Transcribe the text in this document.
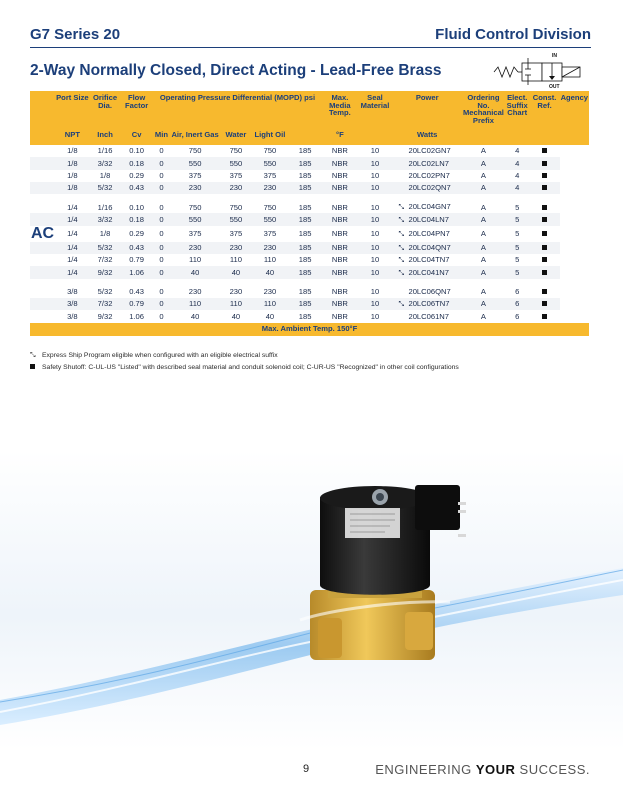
G7 Series 20	Fluid Control Division
2-Way Normally Closed, Direct Acting - Lead-Free Brass
IN
OUT
	Port Size	Orifice Dia.	Flow Factor	Operating Pressure Differential (MOPD) psi					Max. Media Temp.	Seal Material	Power	Ordering No. Mechanical Prefix	Elect. Suffix Chart	Const. Ref.	Agency
	NPT	Inch	Cv	Min	Air, Inert Gas	Water	Light Oil		°F		Watts				
	1/8	1/16	0.10	0	750	750	750	185	NBR	10	20LC02GN7	A	4		
	1/8	3/32	0.18	0	550	550	550	185	NBR	10	20LC02LN7	A	4		
	1/8	1/8	0.29	0	375	375	375	185	NBR	10	20LC02PN7	A	4		
	1/8	5/32	0.43	0	230	230	230	185	NBR	10	20LC02QN7	A	4		

	1/4	1/16	0.10	0	750	750	750	185	NBR	10	⤡ 20LC04GN7	A	5		
	1/4	3/32	0.18	0	550	550	550	185	NBR	10	⤡ 20LC04LN7	A	5		
AC	1/4	1/8	0.29	0	375	375	375	185	NBR	10	⤡ 20LC04PN7	A	5		
	1/4	5/32	0.43	0	230	230	230	185	NBR	10	⤡ 20LC04QN7	A	5		
	1/4	7/32	0.79	0	110	110	110	185	NBR	10	⤡ 20LC04TN7	A	5		
	1/4	9/32	1.06	0	40	40	40	185	NBR	10	⤡ 20LC041N7	A	5		

	3/8	5/32	0.43	0	230	230	230	185	NBR	10	20LC06QN7	A	6		
	3/8	7/32	0.79	0	110	110	110	185	NBR	10	⤡ 20LC06TN7	A	6		
	3/8	9/32	1.06	0	40	40	40	185	NBR	10	20LC061N7	A	6		
Max. Ambient Temp. 150°F															
⤡ Express Ship Program eligible when configured with an eligible electrical suffix
Safety Shutoff: C-UL-US "Listed" with described seal material and conduit solenoid coil; C-UR-US "Recognized" in other coil configurations
9	ENGINEERING YOUR SUCCESS.
